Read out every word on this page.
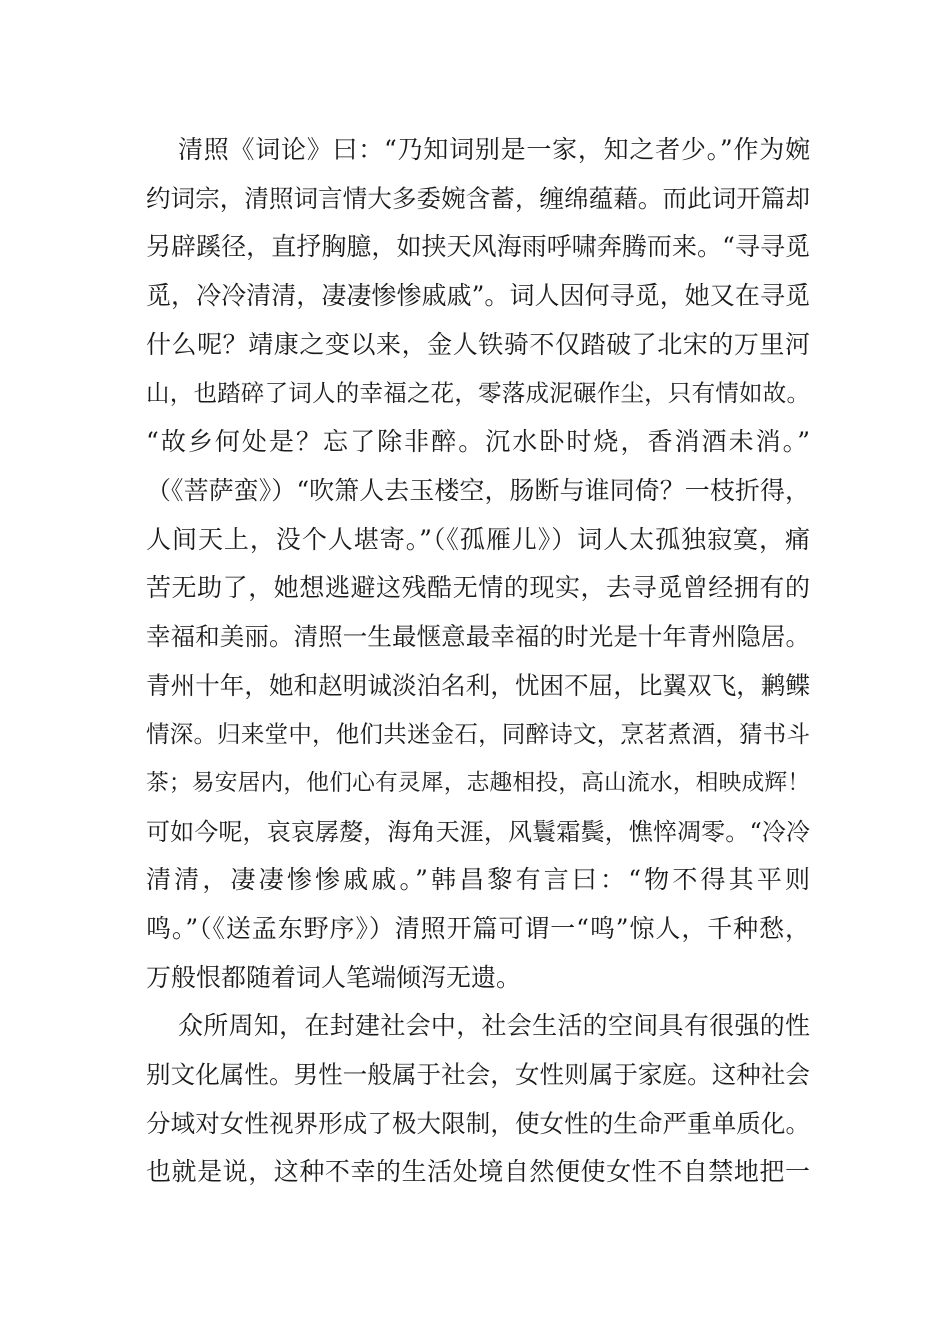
清照《词论》曰：“乃知词别是一家，知之者少。”作为婉
约词宗，清照词言情大多委婉含蓄，缠绵蕴藉。而此词开篇却
另辟蹊径，直抒胸臆，如挟天风海雨呼啸奔腾而来。“寻寻觅
觅，冷冷清清，凄凄惨惨戚戚”。词人因何寻觅，她又在寻觅
什么呢？靖康之变以来，金人铁骑不仅踏破了北宋的万里河
山，也踏碎了词人的幸福之花，零落成泥碾作尘，只有情如故。
“故乡何处是？忘了除非醉。沉水卧时烧，香消酒未消。”
（《菩萨蛮》）“吹箫人去玉楼空，肠断与谁同倚？一枝折得，
人间天上，没个人堪寄。”（《孤雁儿》）词人太孤独寂寞，痛
苦无助了，她想逃避这残酷无情的现实，去寻觅曾经拥有的
幸福和美丽。清照一生最惬意最幸福的时光是十年青州隐居。
青州十年，她和赵明诚淡泊名利，忧困不屈，比翼双飞，鹣鲽
情深。归来堂中，他们共迷金石，同醉诗文，烹茗煮酒，猜书斗
茶；易安居内，他们心有灵犀，志趣相投，高山流水，相映成辉！
可如今呢，哀哀孱嫠，海角天涯，风鬟霜鬓，憔悴凋零。“冷冷
清清，凄凄惨惨戚戚。”韩昌黎有言曰：“物不得其平则
鸣。”（《送孟东野序》）清照开篇可谓一“鸣”惊人，千种愁，
万般恨都随着词人笔端倾泻无遗。
众所周知，在封建社会中，社会生活的空间具有很强的性
别文化属性。男性一般属于社会，女性则属于家庭。这种社会
分域对女性视界形成了极大限制，使女性的生命严重单质化。
也就是说，这种不幸的生活处境自然便使女性不自禁地把一
